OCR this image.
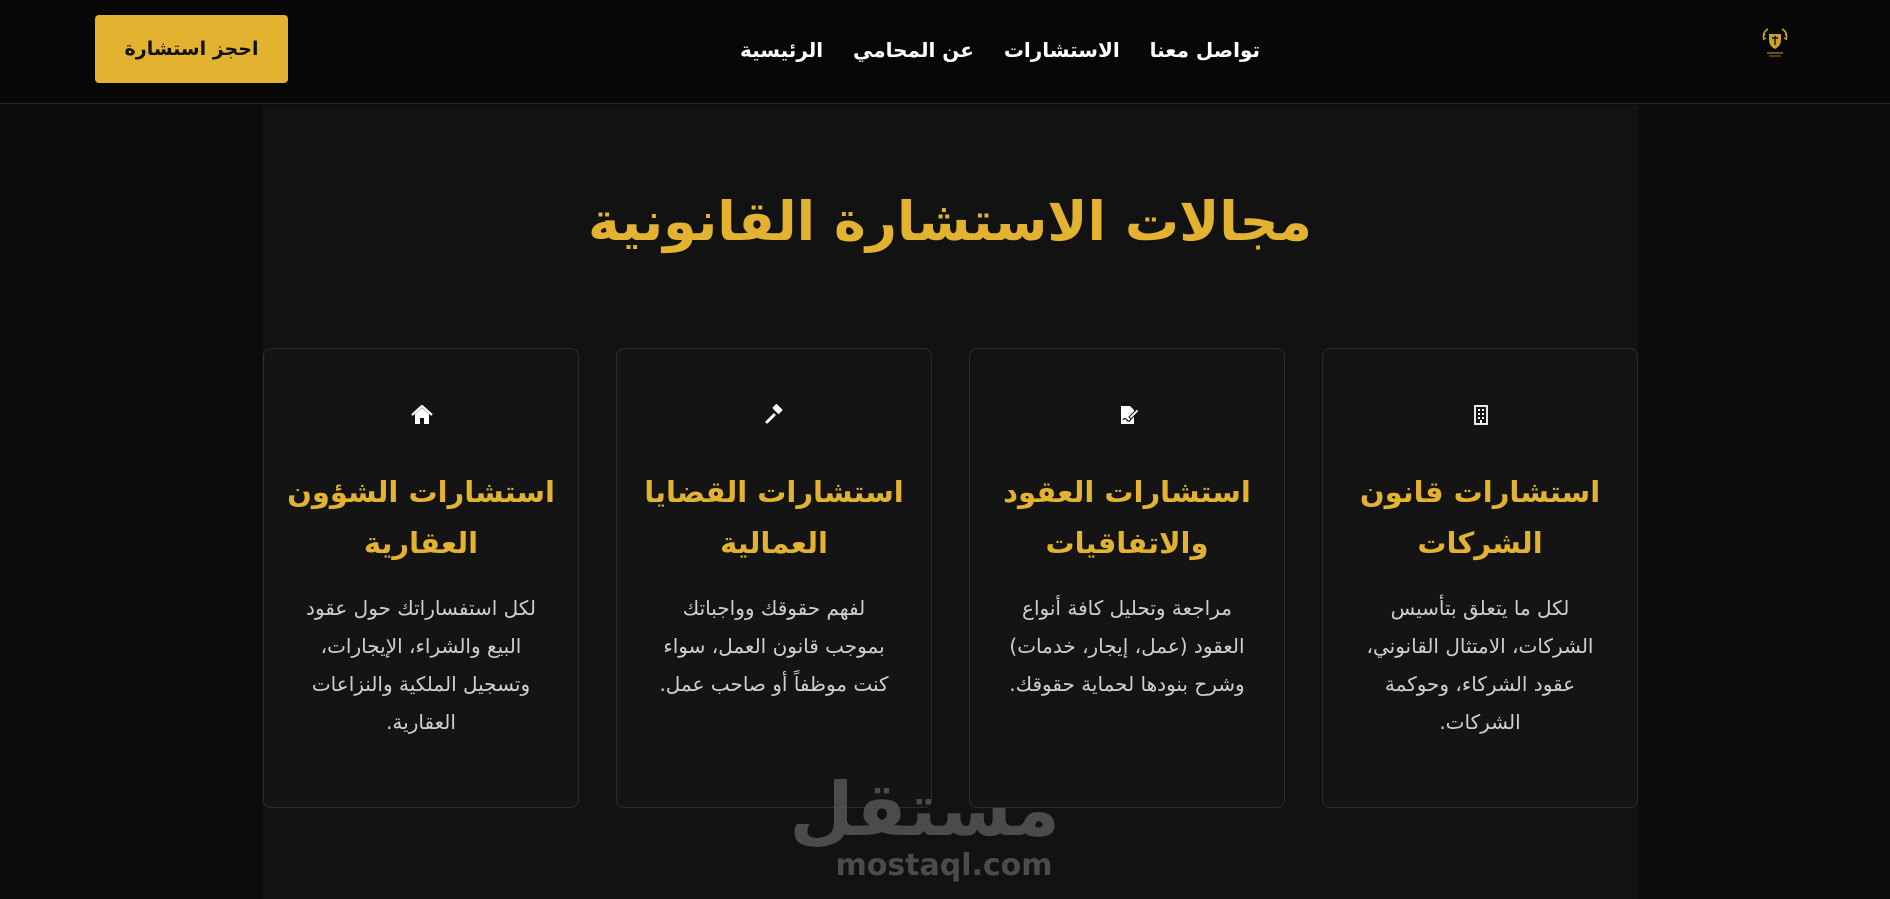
احجز استشارة	الرئيسية عن المحامي الاستشارات تواصل معنا
مجالات الاستشارة القانونية
استشارات قانون الشركات

لكل ما يتعلق بتأسيس الشركات، الامتثال القانوني، عقود الشركاء، وحوكمة الشركات.

استشارات العقود والاتفاقيات

مراجعة وتحليل كافة أنواع العقود (عمل، إيجار، خدمات) وشرح بنودها لحماية حقوقك.

استشارات القضايا العمالية

لفهم حقوقك وواجباتك بموجب قانون العمل، سواء كنت موظفاً أو صاحب عمل.

استشارات الشؤون العقارية

لكل استفساراتك حول عقود البيع والشراء، الإيجارات، وتسجيل الملكية والنزاعات العقارية.

مستقل
mostaql.com
